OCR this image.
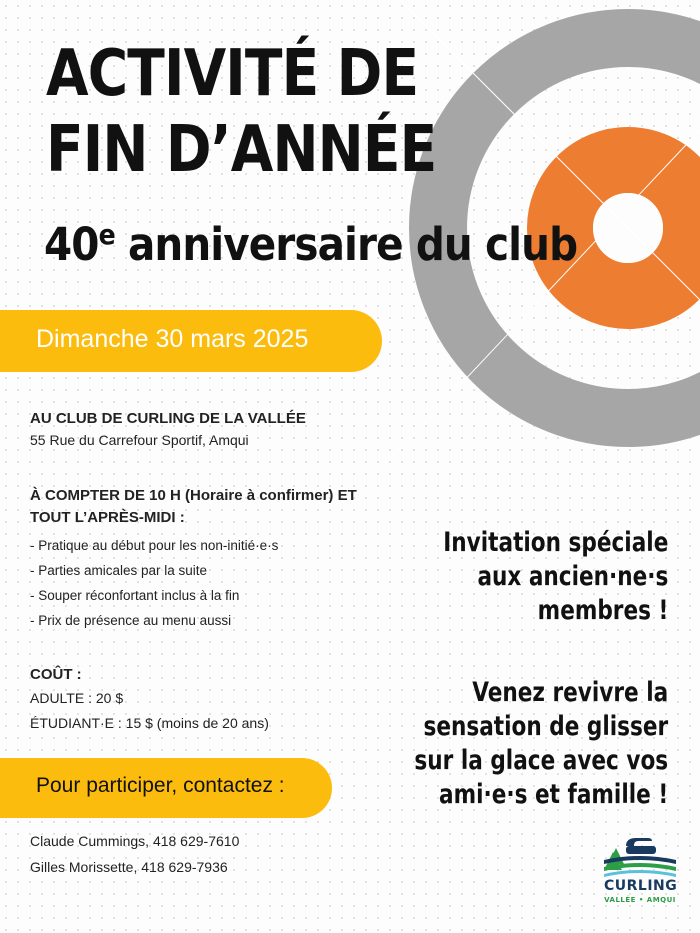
ACTIVITÉ DE
FIN D’ANNÉE
40e anniversaire du club
Dimanche 30 mars 2025
AU CLUB DE CURLING DE LA VALLÉE
55 Rue du Carrefour Sportif, Amqui
À COMPTER DE 10 H (Horaire à confirmer) ET TOUT L’APRÈS-MIDI :
- Pratique au début pour les non-initié·e·s
- Parties amicales par la suite
- Souper réconfortant inclus à la fin
- Prix de présence au menu aussi
COÛT :
ADULTE : 20 $
ÉTUDIANT·E : 15 $ (moins de 20 ans)
Pour participer, contactez :
Claude Cummings, 418 629-7610
Gilles Morissette, 418 629-7936
Invitation spéciale
aux ancien·ne·s
membres !
Venez revivre la
sensation de glisser
sur la glace avec vos
ami·e·s et famille !
CURLING
VALLÉE • AMQUI
